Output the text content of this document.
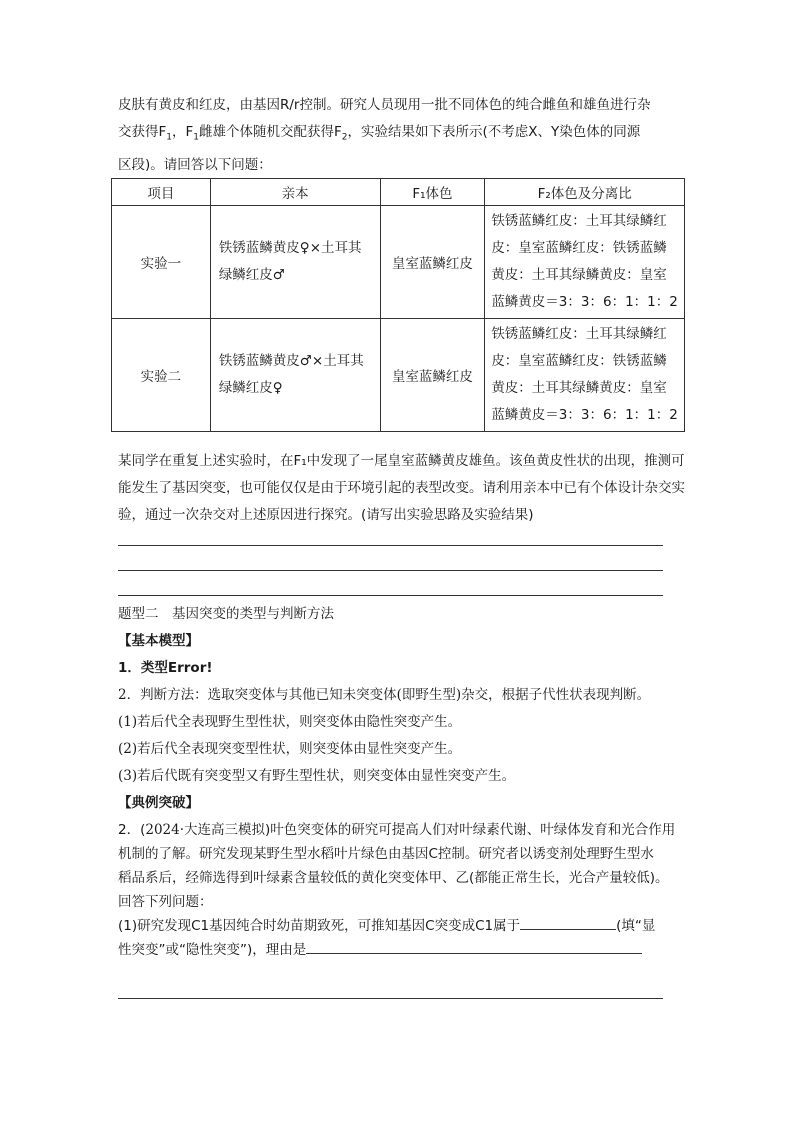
皮肤有黄皮和红皮，由基因R/r控制。研究人员现用一批不同体色的纯合雌鱼和雄鱼进行杂
交获得$F_1$，$F_1$雌雄个体随机交配获得$F_2$，实验结果如下表所示(不考虑X、Y染色体的同源
区段)。请回答以下问题：
项目	亲本	F₁体色	F₂体色及分离比
实验一	铁锈蓝鳞黄皮♀×土耳其绿鳞红皮♂	皇室蓝鳞红皮	铁锈蓝鳞红皮：土耳其绿鳞红皮：皇室蓝鳞红皮：铁锈蓝鳞黄皮：土耳其绿鳞黄皮：皇室蓝鳞黄皮＝3：3：6：1：1：2
实验二	铁锈蓝鳞黄皮♂×土耳其绿鳞红皮♀	皇室蓝鳞红皮	铁锈蓝鳞红皮：土耳其绿鳞红皮：皇室蓝鳞红皮：铁锈蓝鳞黄皮：土耳其绿鳞黄皮：皇室蓝鳞黄皮＝3：3：6：1：1：2
某同学在重复上述实验时，在F₁中发现了一尾皇室蓝鳞黄皮雄鱼。该鱼黄皮性状的出现，推测可能发生了基因突变，也可能仅仅是由于环境引起的表型改变。请利用亲本中已有个体设计杂交实验，通过一次杂交对上述原因进行探究。(请写出实验思路及实验结果)
题型二　基因突变的类型与判断方法
【基本模型】
1．类型Error!
2．判断方法：选取突变体与其他已知未突变体(即野生型)杂交，根据子代性状表现判断。
(1)若后代全表现野生型性状，则突变体由隐性突变产生。
(2)若后代全表现突变型性状，则突变体由显性突变产生。
(3)若后代既有突变型又有野生型性状，则突变体由显性突变产生。
【典例突破】
2．(2024·大连高三模拟)叶色突变体的研究可提高人们对叶绿素代谢、叶绿体发育和光合作用
机制的了解。研究发现某野生型水稻叶片绿色由基因C控制。研究者以诱变剂处理野生型水
稻品系后，经筛选得到叶绿素含量较低的黄化突变体甲、乙(都能正常生长，光合产量较低)。
回答下列问题：
(1)研究发现C1基因纯合时幼苗期致死，可推知基因C突变成C1属于	(填“显
性突变”或“隐性突变”)，理由是
